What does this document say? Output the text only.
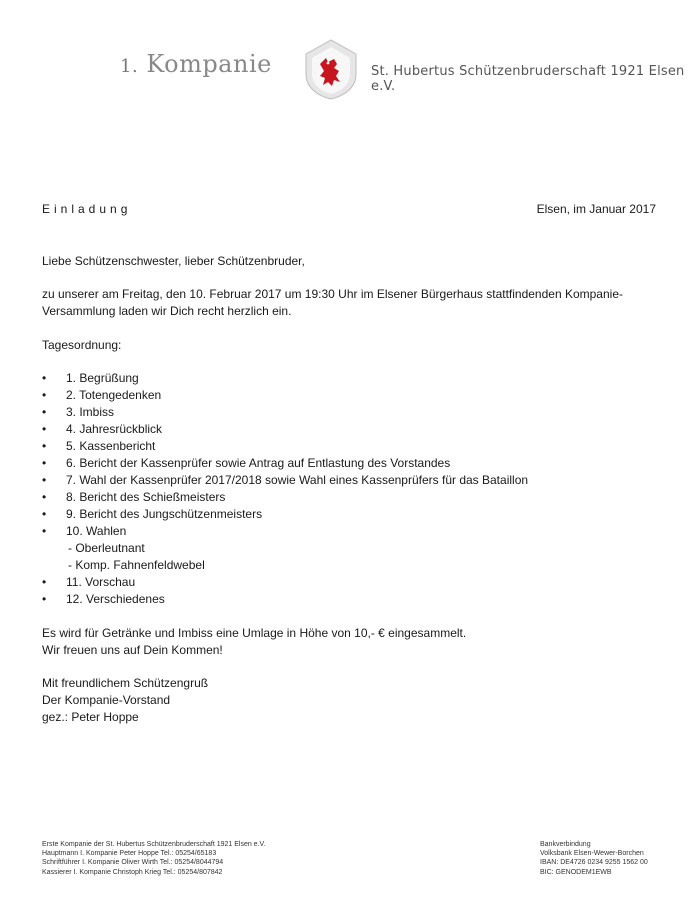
1. Kompanie	St. Hubertus Schützenbruderschaft 1921 Elsen e.V.
Einladung	Elsen, im Januar 2017
Liebe Schützenschwester, lieber Schützenbruder,
zu unserer am Freitag, den 10. Februar 2017 um 19:30 Uhr im Elsener Bürgerhaus stattfindenden Kompanie-
Versammlung laden wir Dich recht herzlich ein.
Tagesordnung:
• 1. Begrüßung
• 2. Totengedenken
• 3. Imbiss
• 4. Jahresrückblick
• 5. Kassenbericht
• 6. Bericht der Kassenprüfer sowie Antrag auf Entlastung des Vorstandes
• 7. Wahl der Kassenprüfer 2017/2018 sowie Wahl eines Kassenprüfers für das Bataillon
• 8. Bericht des Schießmeisters
• 9. Bericht des Jungschützenmeisters
• 10. Wahlen
- Oberleutnant
- Komp. Fahnenfeldwebel
• 11. Vorschau
• 12. Verschiedenes
Es wird für Getränke und Imbiss eine Umlage in Höhe von 10,- € eingesammelt.
Wir freuen uns auf Dein Kommen!
Mit freundlichem Schützengruß
Der Kompanie-Vorstand
gez.: Peter Hoppe
Erste Kompanie der St. Hubertus Schützenbruderschaft 1921 Elsen e.V.
Hauptmann I. Kompanie Peter Hoppe Tel.: 05254/65183
Schriftführer I. Kompanie Oliver Wirth Tel.: 05254/8044794
Kassierer I. Kompanie Christoph Krieg Tel.: 05254/807842
Bankverbindung
Volksbank Elsen-Wewer-Borchen
IBAN: DE4726 0234 9255 1562 00
BIC: GENODEM1EWB
